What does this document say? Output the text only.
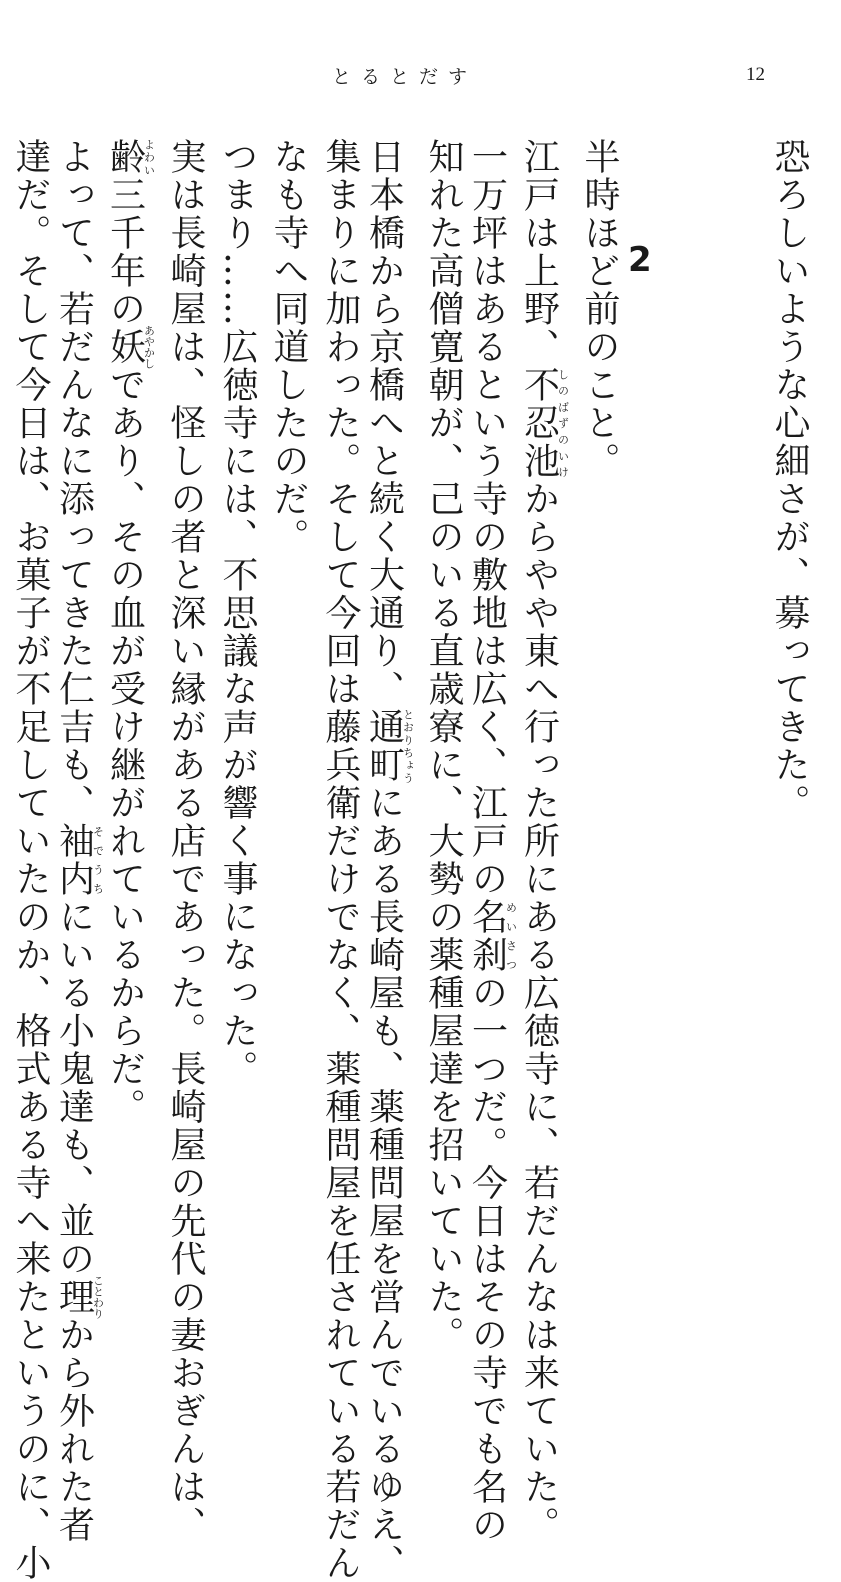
とるとだす	12
2	恐ろしいような心細さが、募ってきた。
半時ほど前のこと。
江戸は上野、不忍池しのばずのいけからやや東へ行った所にある広徳寺に、若だんなは来ていた。
一万坪はあるという寺の敷地は広く、江戸の名刹めいさつの一つだ。今日はその寺でも名の
知れた高僧寛朝が、己のいる直歳寮に、大勢の薬種屋達を招いていた。
日本橋から京橋へと続く大通り、通町とおりちょうにある長崎屋も、薬種問屋を営んでいるゆえ、
集まりに加わった。そして今回は藤兵衛だけでなく、薬種問屋を任されている若だん
なも寺へ同道したのだ。
つまり……広徳寺には、不思議な声が響く事になった。
実は長崎屋は、怪しの者と深い縁がある店であった。長崎屋の先代の妻おぎんは、
齢よわい三千年の妖あやかしであり、その血が受け継がれているからだ。
よって、若だんなに添ってきた仁吉も、袖内そでうちにいる小鬼達も、並の理ことわりから外れた者
達だ。そして今日は、お菓子が不足していたのか、格式ある寺へ来たというのに、小
